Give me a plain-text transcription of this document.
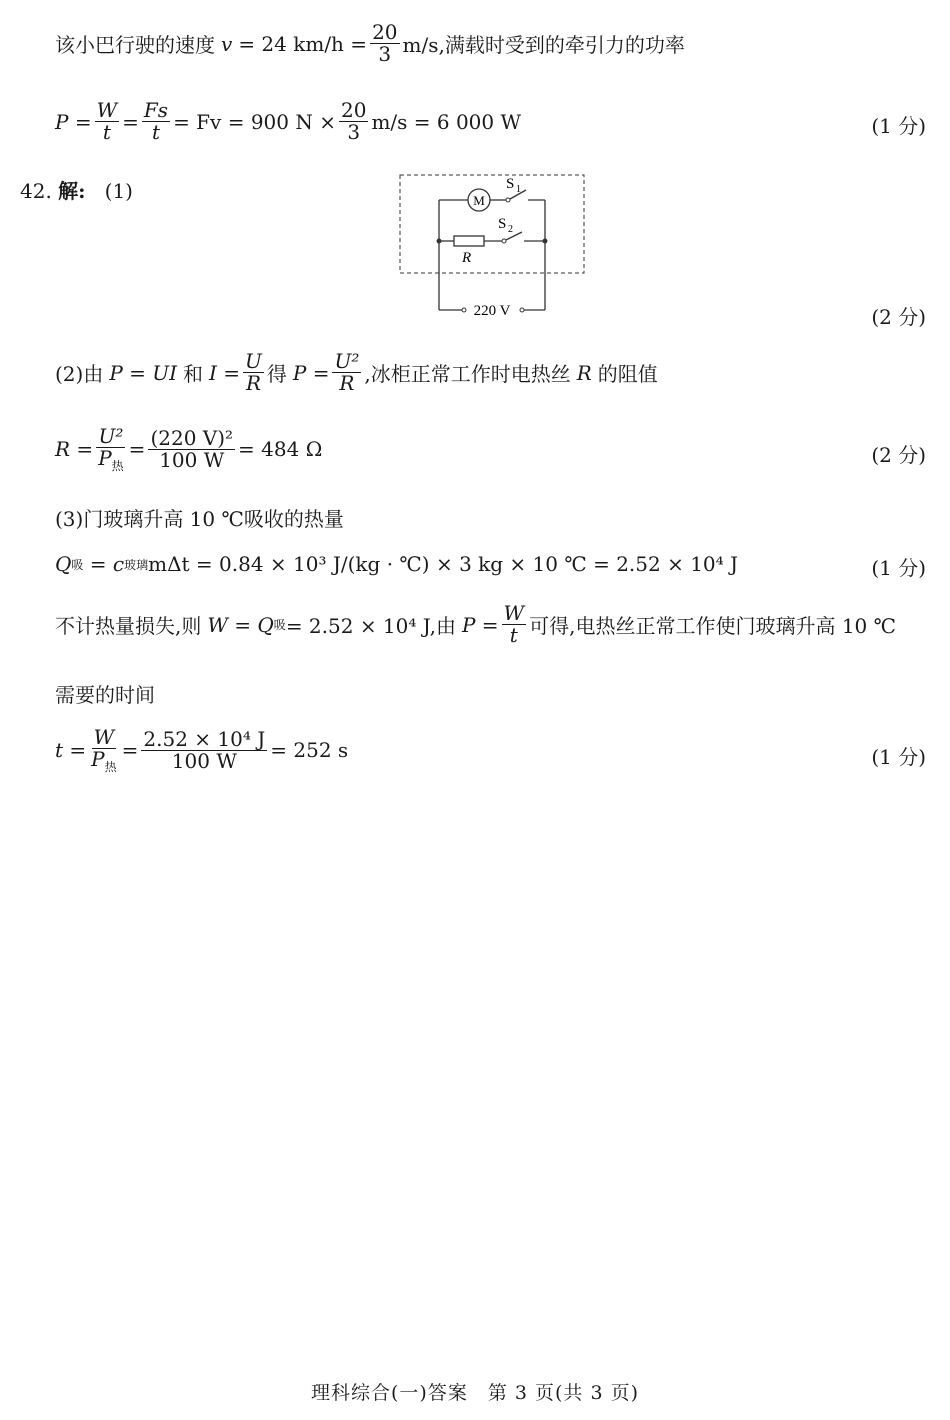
该小巴行驶的速度 v = 24 $km/h = \frac{20}{3} m/s$,满载时受到的牵引力的功率
$P = \frac{W}{t} = \frac{Fs}{t} = Fv = 900$ $N \times \frac{20}{3} m/s = 6$ 000 W	(1 分)
42. 解: (1)	M
S 1
S 2
R
220 V	(2 分)
(2)由 P = UI 和 $I = \frac{U}{R}$ 得 $P = \frac{\text{U²}}{R}$ ,冰柜正常工作时电热丝 R 的阻值
$R = \frac{\text{U²}}{P_热} = \frac{\text{(220 V)²}}{100 W} = 484$ Ω	(2 分)
(3)门玻璃升高 10 ℃吸收的热量
Q 吸 = c 玻璃 mΔt = 0.84 × 10³ J/(kg · ℃) × 3 kg × 10 ℃ = 2.52 × 10⁴ J	(1 分)
不计热量损失,则 W = Q 吸 = 2.52 × 10⁴ J,由 $P = \frac{W}{t}$ 可得,电热丝正常工作使门玻璃升高 10 ℃
需要的时间
$t = \frac{W}{P_热} = \frac{\text{2.52 × 10⁴ J}}{100 W} = 252$ s	(1 分)
理科综合(一)答案　第 3 页(共 3 页)
